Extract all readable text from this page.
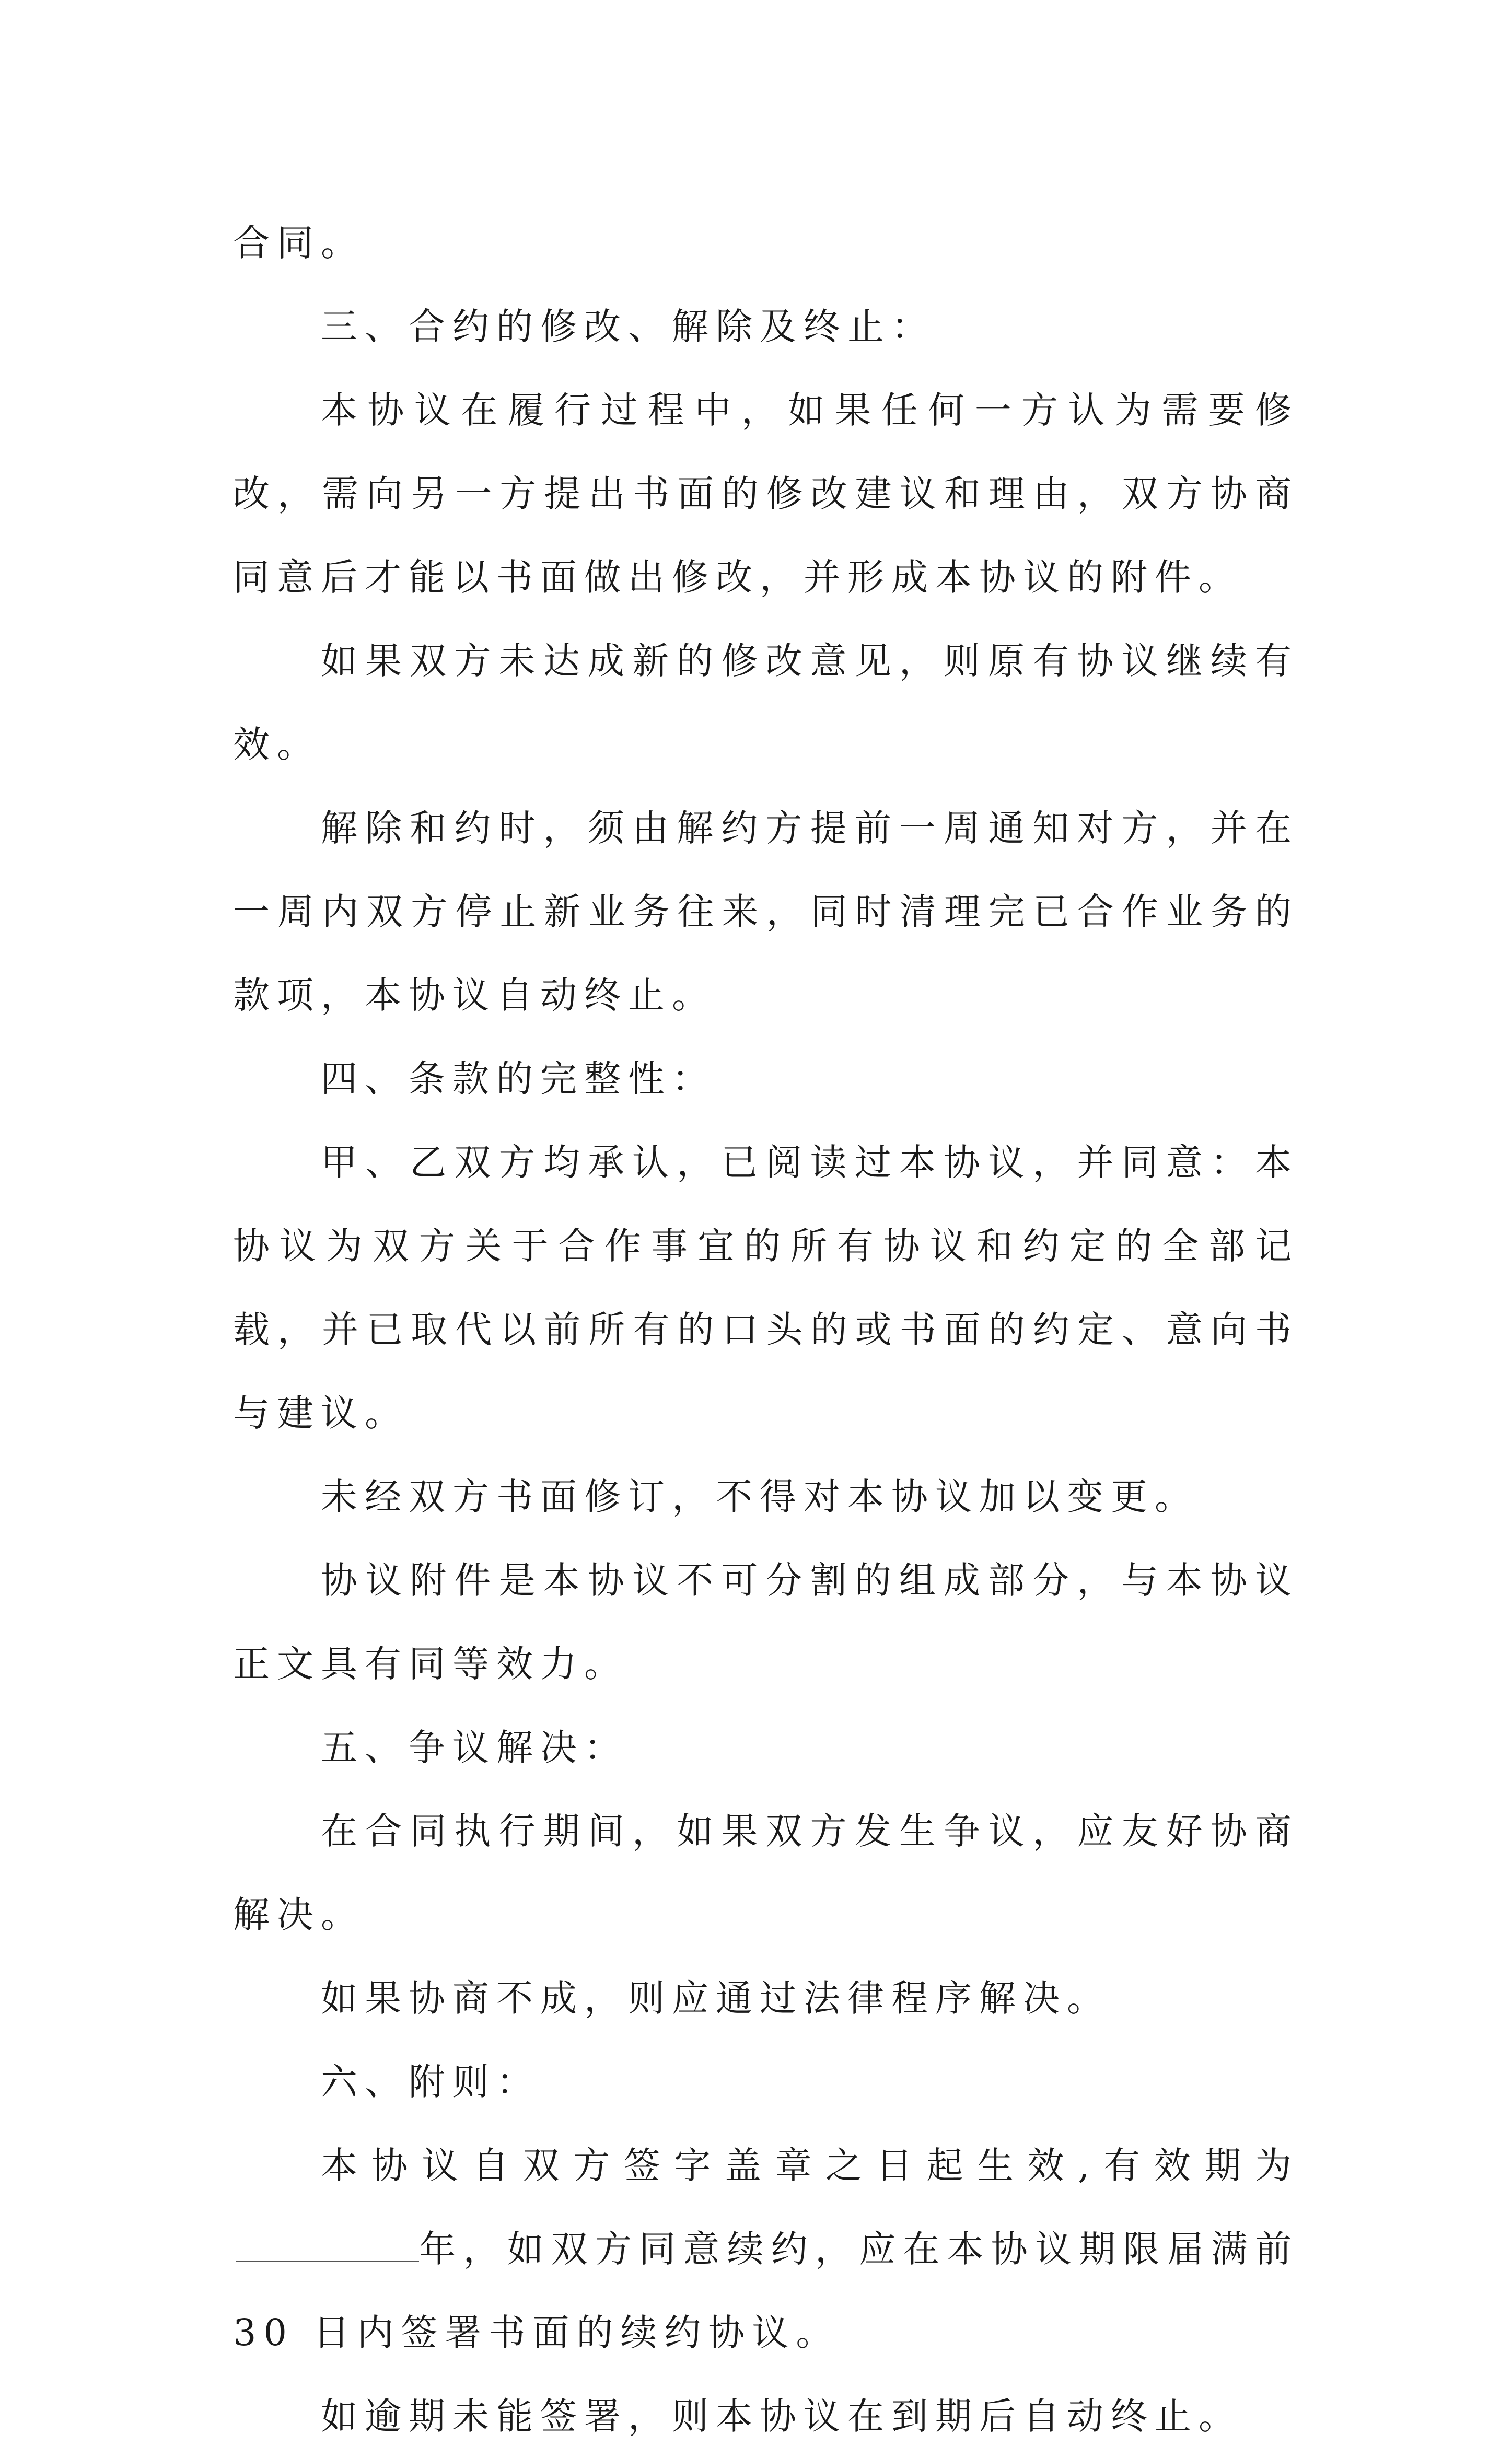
合同。

三、合约的修改、解除及终止：

本协议在履行过程中，如果任何一方认为需要修改，需向另一方提出书面的修改建议和理由，双方协商同意后才能以书面做出修改，并形成本协议的附件。

如果双方未达成新的修改意见，则原有协议继续有效。

解除和约时，须由解约方提前一周通知对方，并在一周内双方停止新业务往来，同时清理完已合作业务的款项，本协议自动终止。

四、条款的完整性：

甲、乙双方均承认，已阅读过本协议，并同意：本协议为双方关于合作事宜的所有协议和约定的全部记载，并已取代以前所有的口头的或书面的约定、意向书与建议。

未经双方书面修订，不得对本协议加以变更。

协议附件是本协议不可分割的组成部分，与本协议正文具有同等效力。

五、争议解决：

在合同执行期间，如果双方发生争议，应友好协商解决。

如果协商不成，则应通过法律程序解决。

六、附则：

本协议自双方签字盖章之日起生效,有效期为年，如双方同意续约，应在本协议期限届满前 30 日内签署书面的续约协议。

如逾期未能签署，则本协议在到期后自动终止。
